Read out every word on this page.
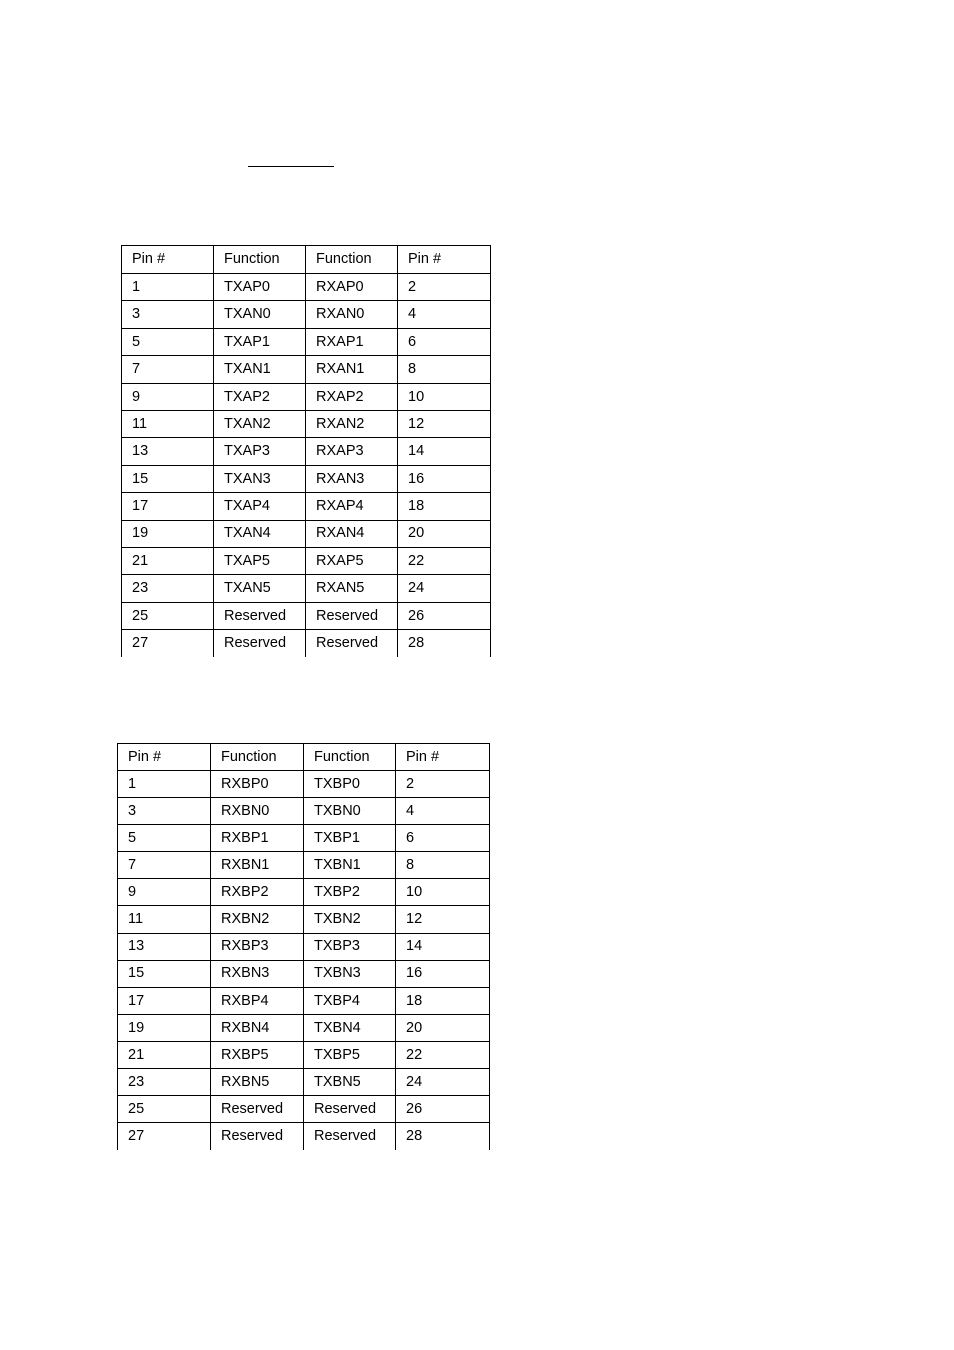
Pin #	Function	Function	Pin #
1	TXAP0	RXAP0	2
3	TXAN0	RXAN0	4
5	TXAP1	RXAP1	6
7	TXAN1	RXAN1	8
9	TXAP2	RXAP2	10
11	TXAN2	RXAN2	12
13	TXAP3	RXAP3	14
15	TXAN3	RXAN3	16
17	TXAP4	RXAP4	18
19	TXAN4	RXAN4	20
21	TXAP5	RXAP5	22
23	TXAN5	RXAN5	24
25	Reserved	Reserved	26
27	Reserved	Reserved	28
Pin #	Function	Function	Pin #
1	RXBP0	TXBP0	2
3	RXBN0	TXBN0	4
5	RXBP1	TXBP1	6
7	RXBN1	TXBN1	8
9	RXBP2	TXBP2	10
11	RXBN2	TXBN2	12
13	RXBP3	TXBP3	14
15	RXBN3	TXBN3	16
17	RXBP4	TXBP4	18
19	RXBN4	TXBN4	20
21	RXBP5	TXBP5	22
23	RXBN5	TXBN5	24
25	Reserved	Reserved	26
27	Reserved	Reserved	28
